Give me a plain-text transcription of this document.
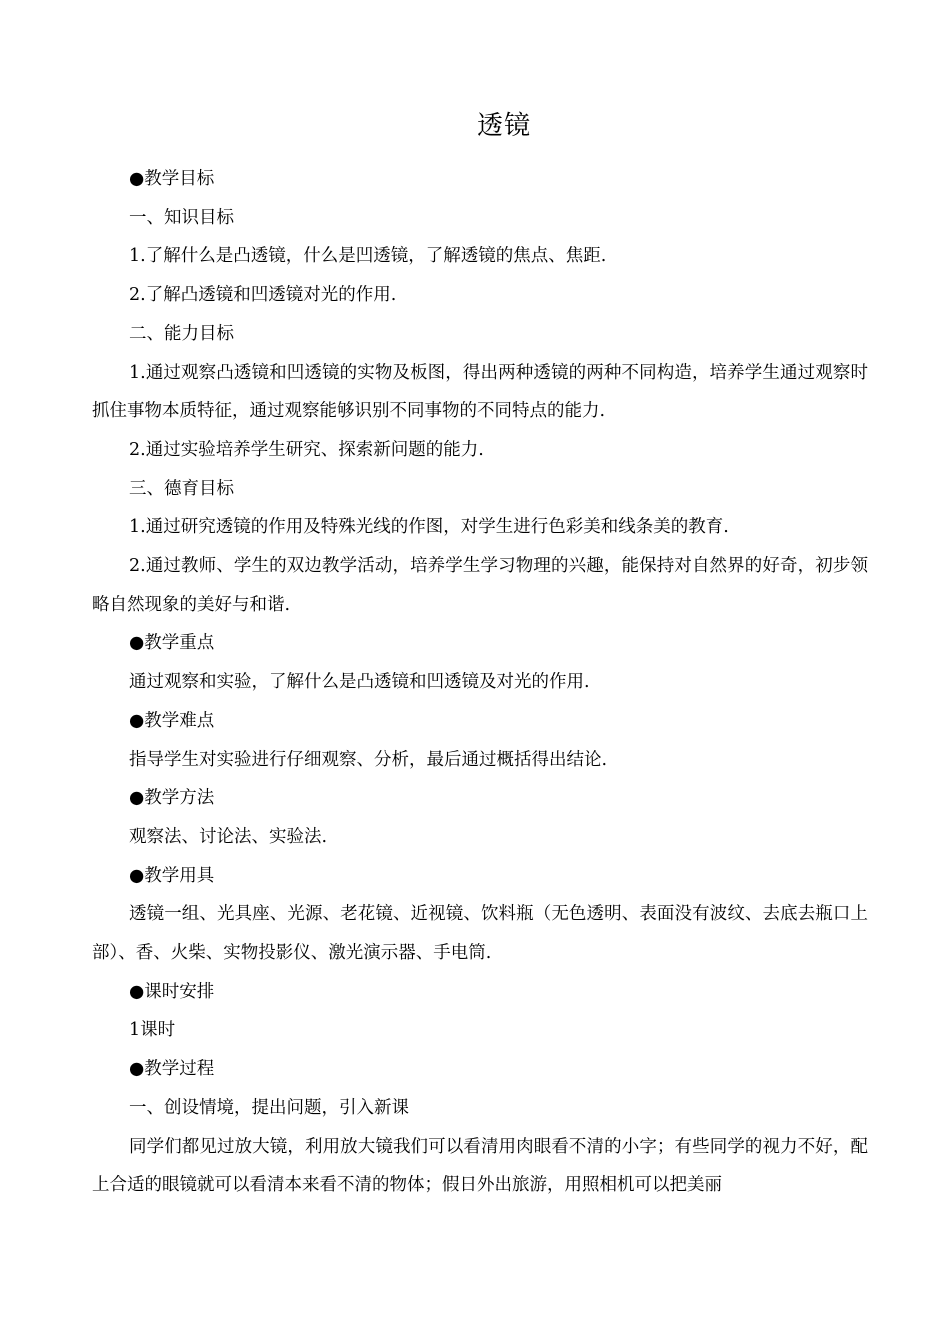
透镜

●教学目标

一、知识目标

1.了解什么是凸透镜，什么是凹透镜，了解透镜的焦点、焦距.

2.了解凸透镜和凹透镜对光的作用.

二、能力目标

1.通过观察凸透镜和凹透镜的实物及板图，得出两种透镜的两种不同构造，培养学生通过观察时抓住事物本质特征，通过观察能够识别不同事物的不同特点的能力.

2.通过实验培养学生研究、探索新问题的能力.

三、德育目标

1.通过研究透镜的作用及特殊光线的作图，对学生进行色彩美和线条美的教育.

2.通过教师、学生的双边教学活动，培养学生学习物理的兴趣，能保持对自然界的好奇，初步领略自然现象的美好与和谐.

●教学重点

通过观察和实验，了解什么是凸透镜和凹透镜及对光的作用.

●教学难点

指导学生对实验进行仔细观察、分析，最后通过概括得出结论.

●教学方法

观察法、讨论法、实验法.

●教学用具

透镜一组、光具座、光源、老花镜、近视镜、饮料瓶（无色透明、表面没有波纹、去底去瓶口上部）、香、火柴、实物投影仪、激光演示器、手电筒.

●课时安排

1课时

●教学过程

一、创设情境，提出问题，引入新课

同学们都见过放大镜，利用放大镜我们可以看清用肉眼看不清的小字；有些同学的视力不好，配上合适的眼镜就可以看清本来看不清的物体；假日外出旅游，用照相机可以把美丽
